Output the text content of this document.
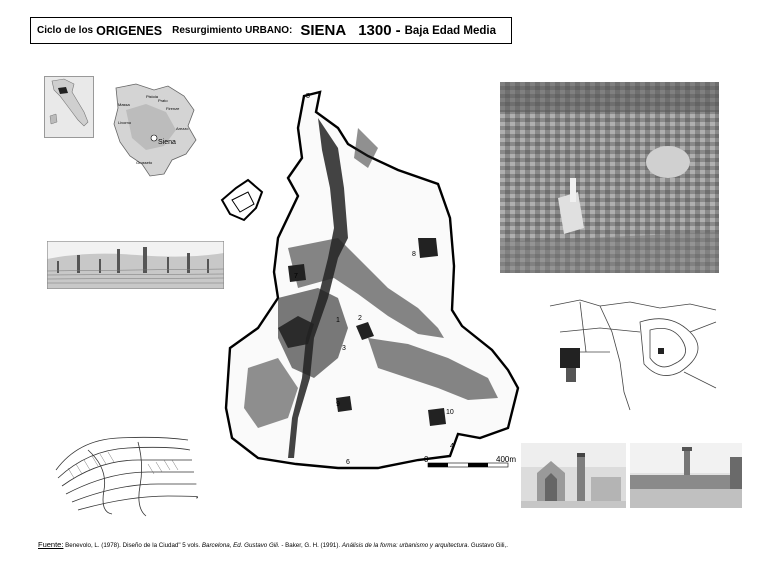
Ciclo de los ORIGENES Resurgimiento URBANO: SIENA 1300 - Baja Edad Media
Siena
Massa
Firenze
Livorno
Grosseto
Pistoia
Arezzo
Prato
5
1	2
3
4
6
7
8
9
10
0	400m
Fuente: Benevolo, L. (1978). Diseño de la Ciudad" 5 vols. Barcelona, Ed. Gustavo Gili. - Baker, G. H. (1991). Análisis de la forma: urbanismo y arquitectura. Gustavo Gili,.
